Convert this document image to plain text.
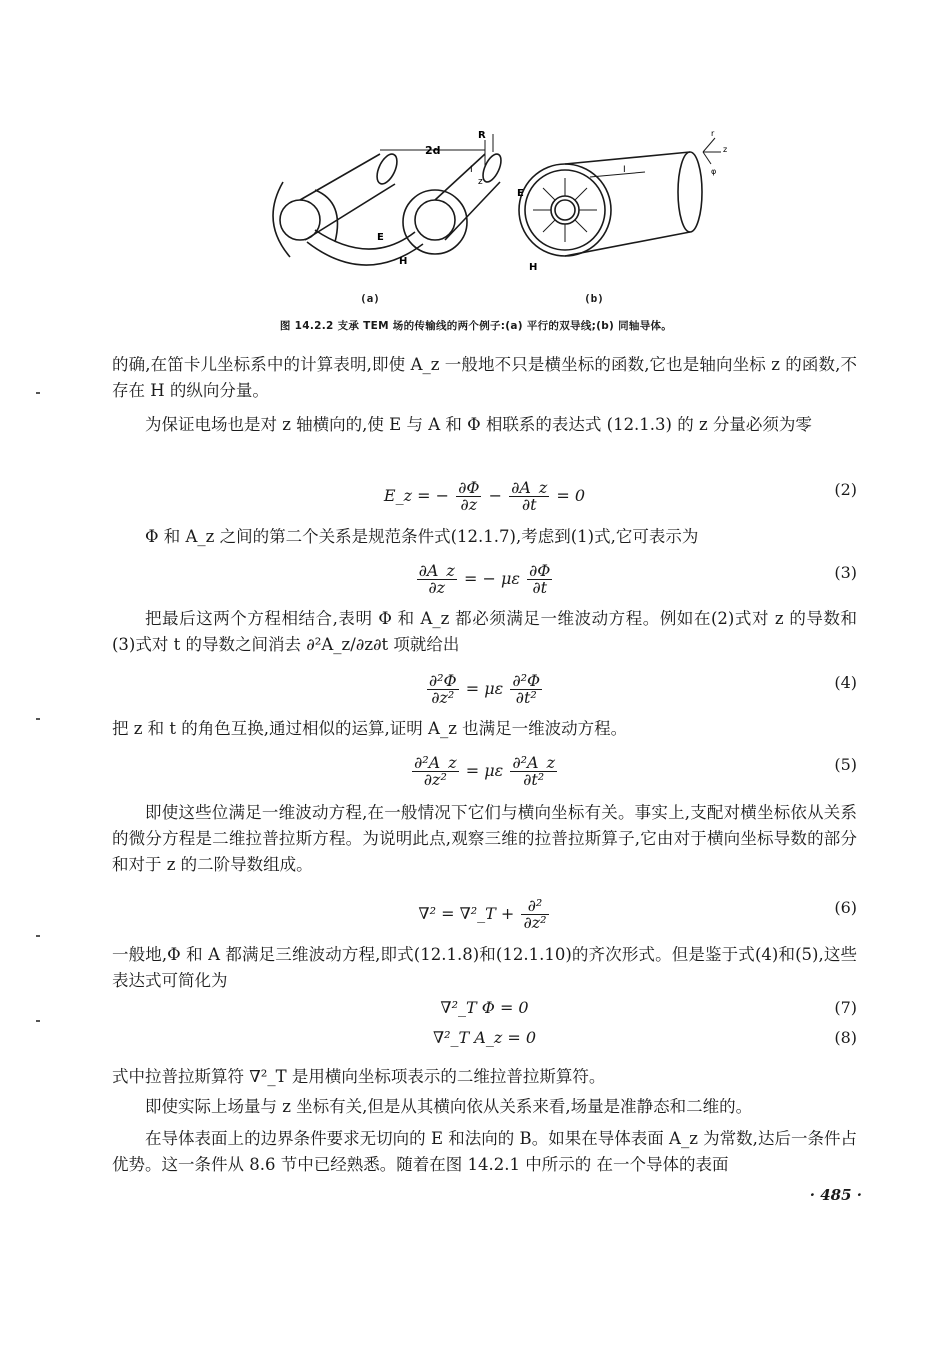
2d
R
E
H
I
z
E
H
I
r
z
φ
(a)	(b)
图 14.2.2 支承 TEM 场的传输线的两个例子:(a) 平行的双导线;(b) 同轴导体。

的确,在笛卡儿坐标系中的计算表明,即使 A_z 一般地不只是横坐标的函数,它也是轴向坐标 z 的函数,不存在 H 的纵向分量。

为保证电场也是对 z 轴横向的,使 E 与 A 和 Φ 相联系的表达式 (12.1.3) 的 z 分量必须为零

E_z = − $\frac{\partial\Phi}{\partial z} - \frac{\partial A\_z}{\partial t} = 0$	(2)

Φ 和 A_z 之间的第二个关系是规范条件式(12.1.7),考虑到(1)式,它可表示为

$\frac{\partial A\_z}{\partial z}$ = − με $\frac{\partial\Phi}{\partial t}$	(3)

把最后这两个方程相结合,表明 Φ 和 A_z 都必须满足一维波动方程。例如在(2)式对 z 的导数和(3)式对 t 的导数之间消去 ∂²A_z/∂z∂t 项就给出

$\frac{\text{∂²Φ}}{\text{∂z²}} = \mu\varepsilon \frac{\text{∂²Φ}}{\text{∂t²}}$	(4)

把 z 和 t 的角色互换,通过相似的运算,证明 A_z 也满足一维波动方程。

$\frac{\text{∂²A\_z}}{\text{∂z²}} = \mu\varepsilon \frac{\text{∂²A\_z}}{\text{∂t²}}$	(5)

即使这些位满足一维波动方程,在一般情况下它们与横向坐标有关。事实上,支配对横坐标依从关系的微分方程是二维拉普拉斯方程。为说明此点,观察三维的拉普拉斯算子,它由对于横向坐标导数的部分和对于 z 的二阶导数组成。

∇² = ∇²_T + $\frac{\text{∂²}}{\text{∂z²}}$	(6)

一般地,Φ 和 A 都满足三维波动方程,即式(12.1.8)和(12.1.10)的齐次形式。但是鉴于式(4)和(5),这些表达式可简化为

∇²_T Φ = 0	(7)
∇²_T A_z = 0	(8)

式中拉普拉斯算符 ∇²_T 是用横向坐标项表示的二维拉普拉斯算符。

即使实际上场量与 z 坐标有关,但是从其横向依从关系来看,场量是准静态和二维的。

在导体表面上的边界条件要求无切向的 E 和法向的 B。如果在导体表面 A_z 为常数,达后一条件占优势。这一条件从 8.6 节中已经熟悉。随着在图 14.2.1 中所示的 在一个导体的表面

· 485 ·
